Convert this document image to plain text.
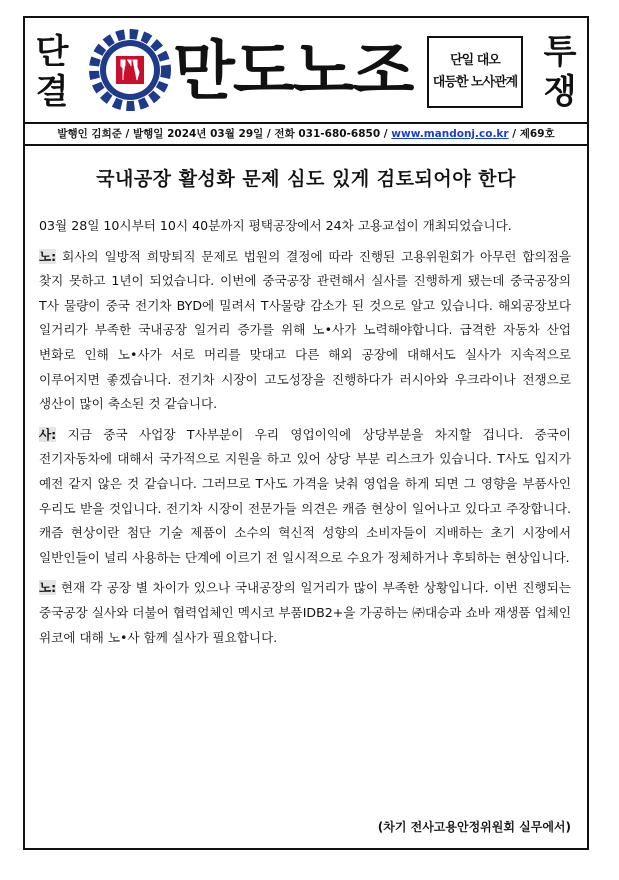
단
결 만도노조	단일 대오
대등한 노사관계
투
쟁
발행인 김희준 / 발행일 2024년 03월 29일 / 전화 031-680-6850 / www.mandonj.co.kr / 제69호
국내공장 활성화 문제 심도 있게 검토되어야 한다

03월 28일 10시부터 10시 40분까지 평택공장에서 24차 고용교섭이 개최되었습니다.

노: 회사의 일방적 희망퇴직 문제로 법원의 결정에 따라 진행된 고용위원회가 아무런 합의점을 찾지 못하고 1년이 되었습니다. 이번에 중국공장 관련해서 실사를 진행하게 됐는데 중국공장의 T사 물량이 중국 전기차 BYD에 밀려서 T사물량 감소가 된 것으로 알고 있습니다. 해외공장보다 일거리가 부족한 국내공장 일거리 증가를 위해 노•사가 노력해야합니다. 급격한 자동차 산업 변화로 인해 노•사가 서로 머리를 맞대고 다른 해외 공장에 대해서도 실사가 지속적으로 이루어지면 좋겠습니다. 전기차 시장이 고도성장을 진행하다가 러시아와 우크라이나 전쟁으로 생산이 많이 축소된 것 같습니다.

사: 지금 중국 사업장 T사부분이 우리 영업이익에 상당부분을 차지할 겁니다. 중국이 전기자동차에 대해서 국가적으로 지원을 하고 있어 상당 부분 리스크가 있습니다. T사도 입지가 예전 같지 않은 것 같습니다. 그러므로 T사도 가격을 낮춰 영업을 하게 되면 그 영향을 부품사인 우리도 받을 것입니다. 전기차 시장이 전문가들 의견은 캐즘 현상이 일어나고 있다고 주장합니다. 캐즘 현상이란 첨단 기술 제품이 소수의 혁신적 성향의 소비자들이 지배하는 초기 시장에서 일반인들이 널리 사용하는 단계에 이르기 전 일시적으로 수요가 정체하거나 후퇴하는 현상입니다.

노: 현재 각 공장 별 차이가 있으나 국내공장의 일거리가 많이 부족한 상황입니다. 이번 진행되는 중국공장 실사와 더불어 협력업체인 멕시코 부품IDB2+을 가공하는 ㈜대승과 쇼바 재생품 업체인 위코에 대해 노•사 함께 실사가 필요합니다.

(차기 전사고용안정위원회 실무에서)
